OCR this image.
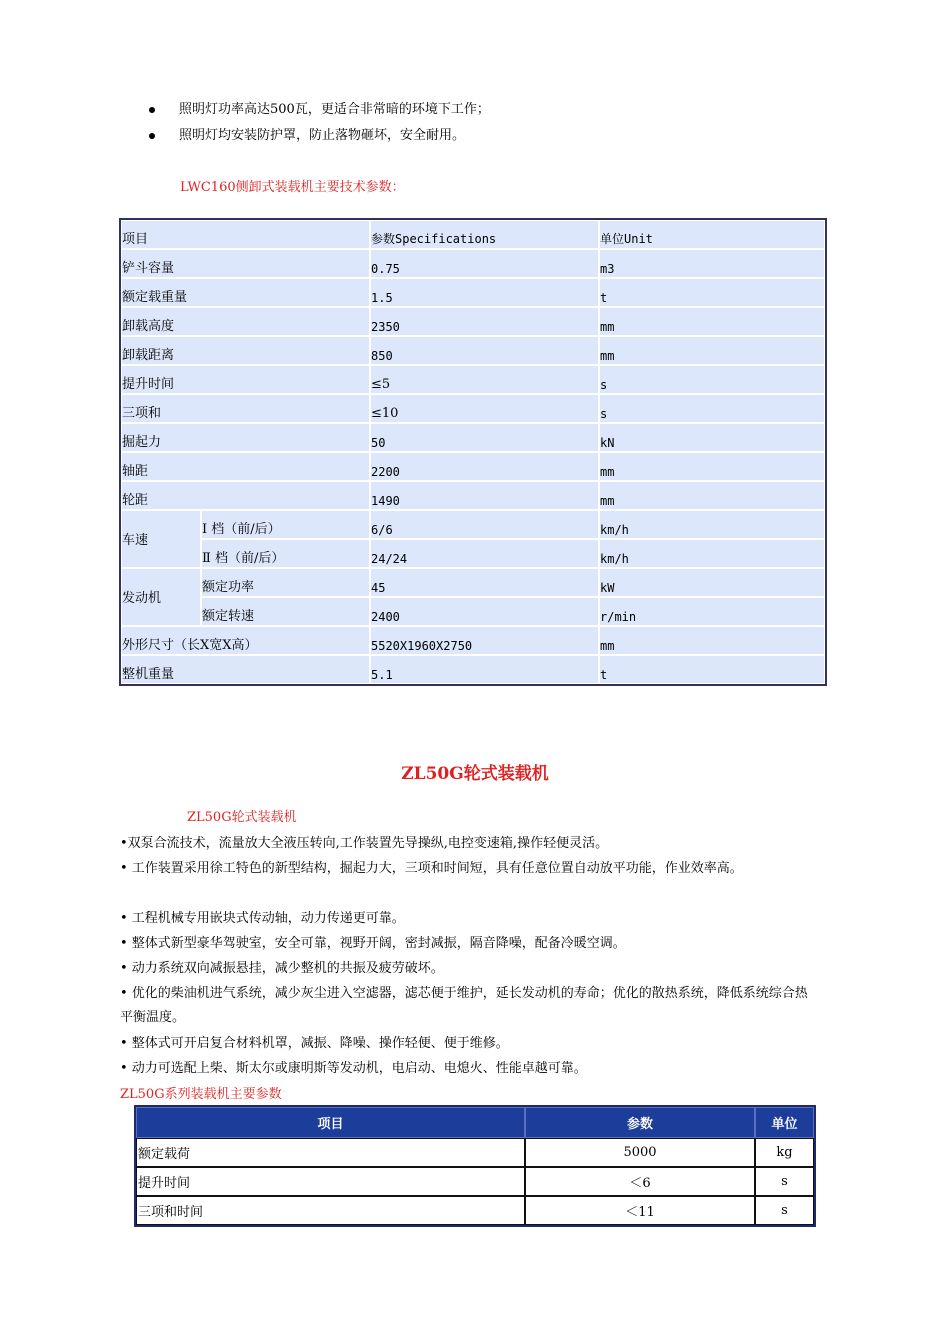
照明灯功率高达500瓦，更适合非常暗的环境下工作；
照明灯均安装防护罩，防止落物砸坏，安全耐用。
LWC160侧卸式装载机主要技术参数：
项目		参数Specifications	单位Unit
铲斗容量		0.75	m3
额定载重量		1.5	t
卸载高度		2350	mm
卸载距离		850	mm
提升时间		≤5	s
三项和		≤10	s
掘起力		50	kN
轴距		2200	mm
轮距		1490	mm
车速	Ⅰ 档（前/后）	6/6	km/h
	Ⅱ 档（前/后）	24/24	km/h
发动机	额定功率	45	kW
	额定转速	2400	r/min
外形尺寸（长X宽X高）		5520X1960X2750	mm
整机重量		5.1	t
ZL50G轮式装载机
ZL50G轮式装载机
•双泵合流技术，流量放大全液压转向,工作装置先导操纵,电控变速箱,操作轻便灵活。
• 工作装置采用徐工特色的新型结构，掘起力大，三项和时间短，具有任意位置自动放平功能，作业效率高。
• 工程机械专用嵌块式传动轴，动力传递更可靠。
• 整体式新型豪华驾驶室，安全可靠，视野开阔，密封减振，隔音降噪，配备冷暖空调。
• 动力系统双向减振悬挂，减少整机的共振及疲劳破坏。
• 优化的柴油机进气系统，减少灰尘进入空滤器，滤芯便于维护，延长发动机的寿命；优化的散热系统，降低系统综合热平衡温度。
• 整体式可开启复合材料机罩，减振、降噪、操作轻便、便于维修。
• 动力可选配上柴、斯太尔或康明斯等发动机，电启动、电熄火、性能卓越可靠。
ZL50G系列装载机主要参数
项目	参数	单位
额定载荷	5000	kg
提升时间	＜6	s
三项和时间	＜11	s
